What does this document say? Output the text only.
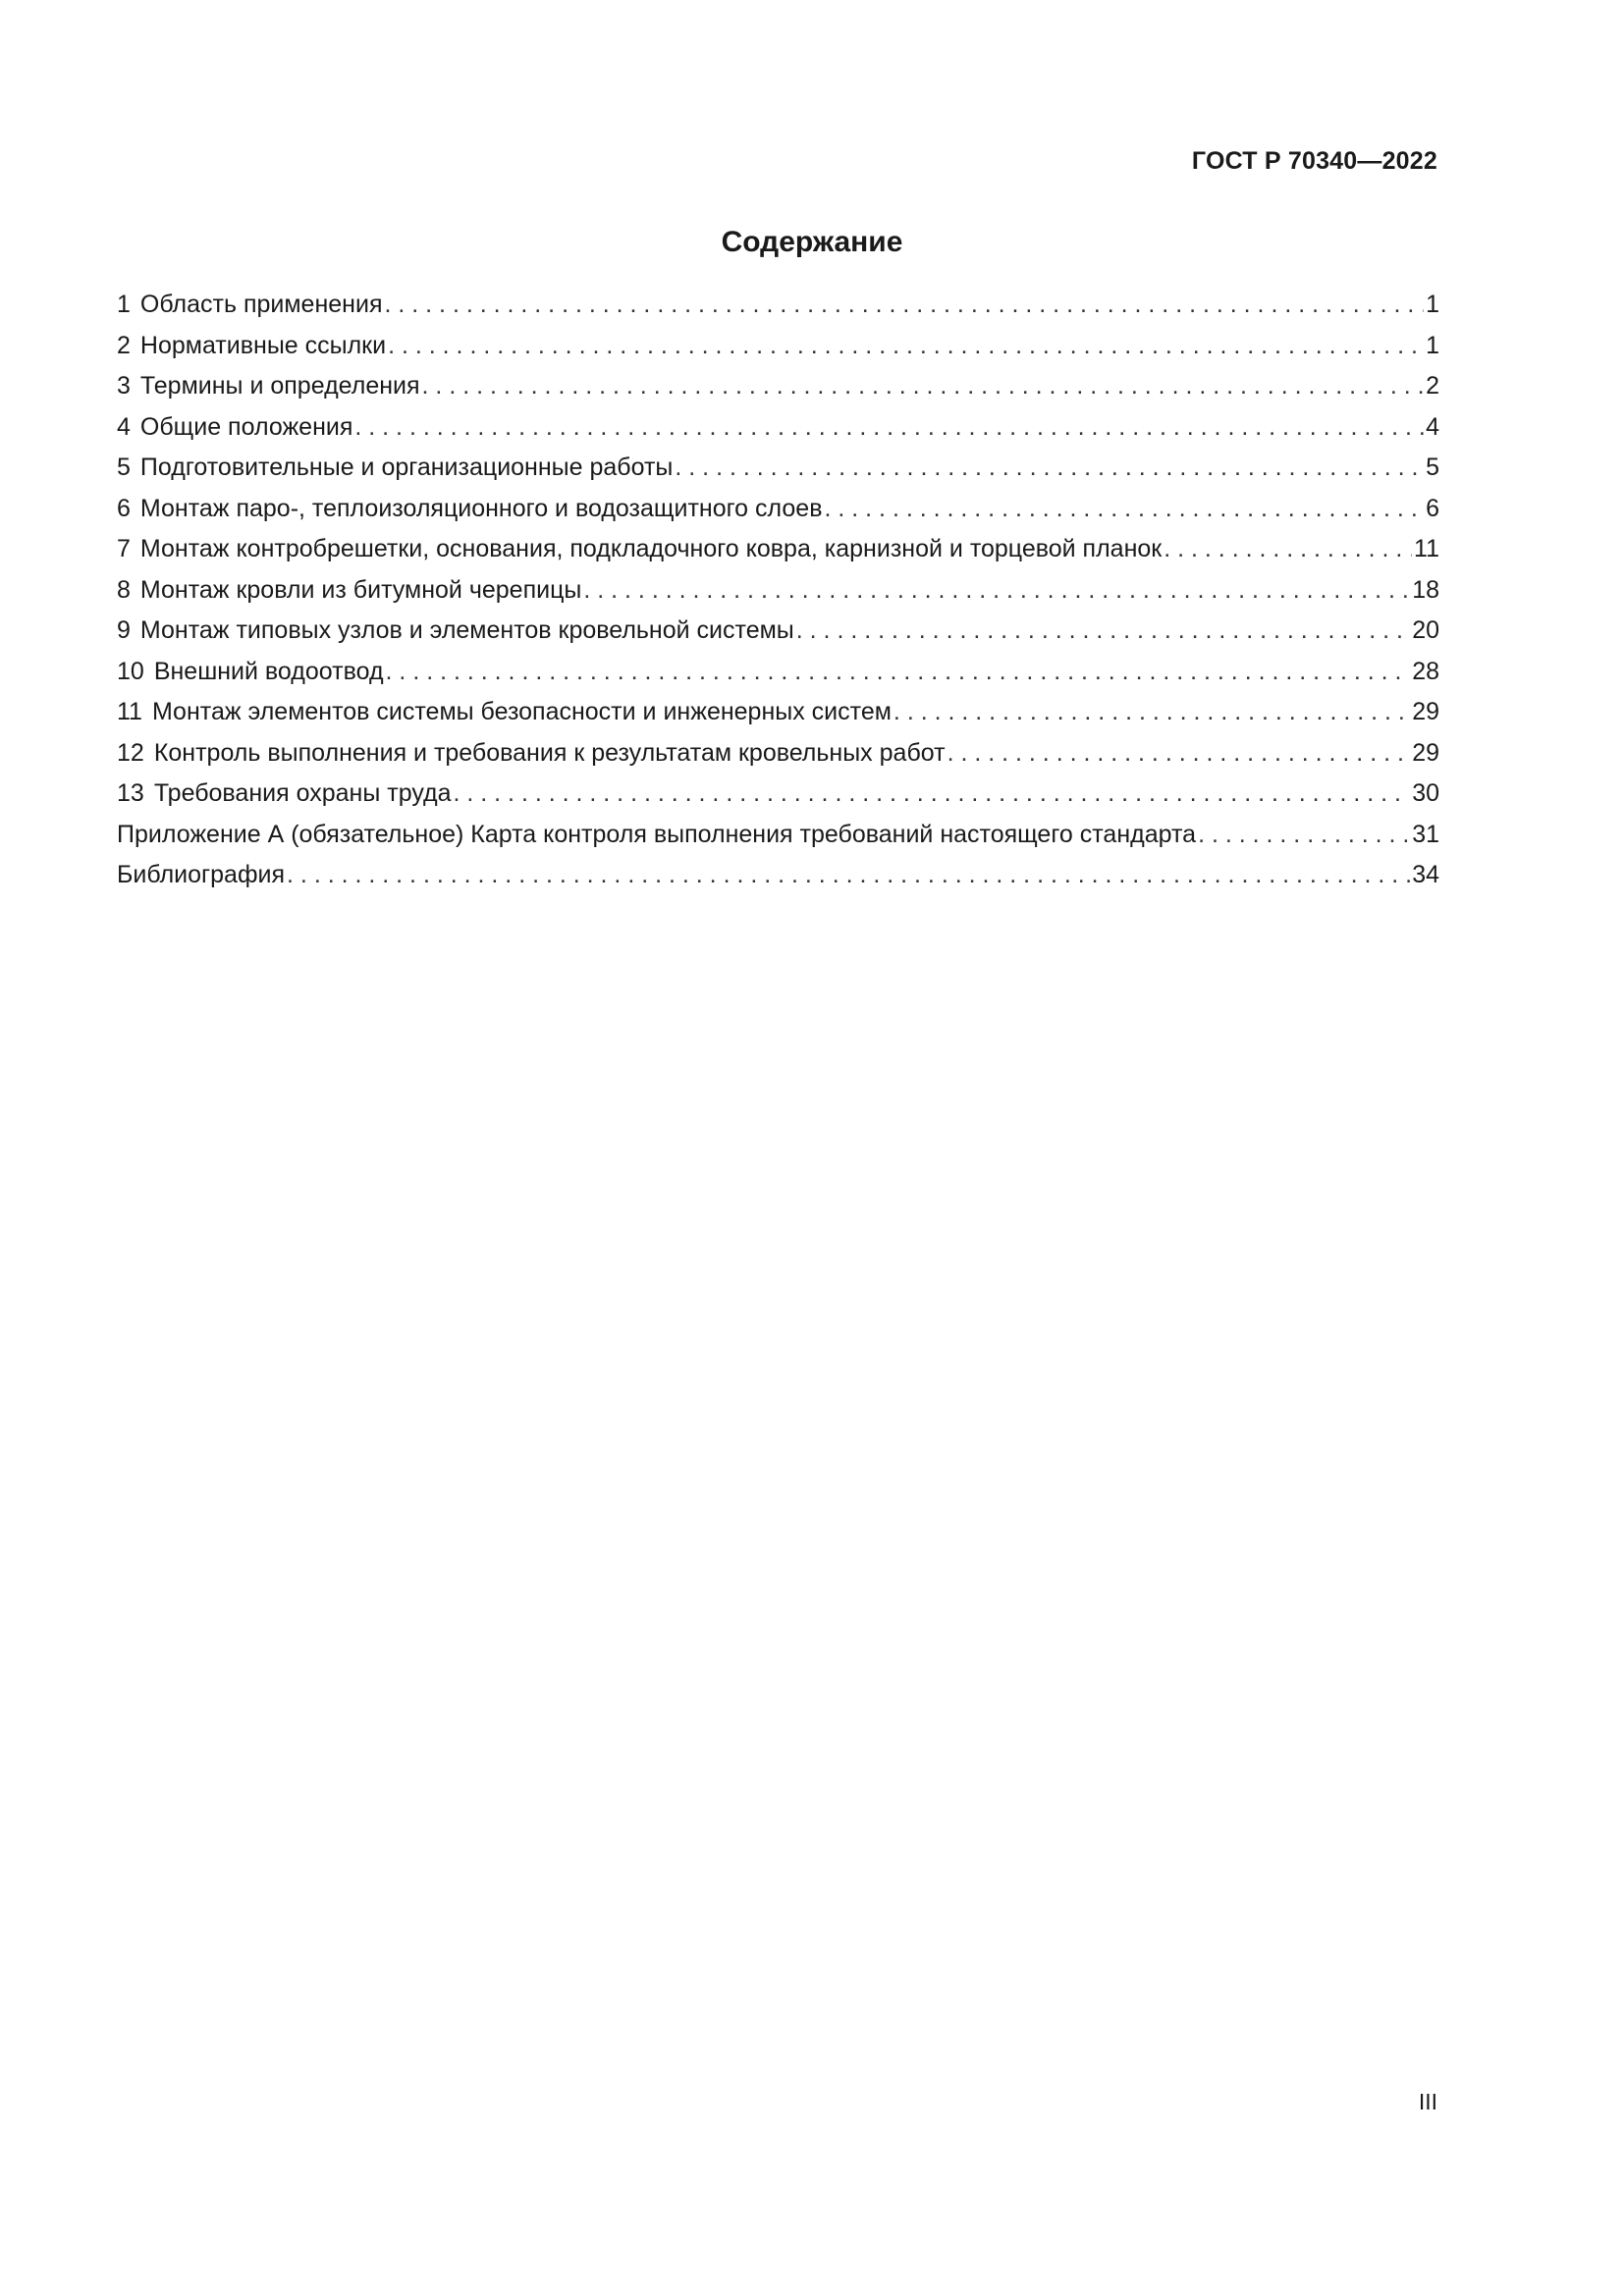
ГОСТ Р 70340—2022
Содержание
1 Область применения . . .	1
2 Нормативные ссылки . . .	1
3 Термины и определения . . .	2
4 Общие положения . . .	4
5 Подготовительные и организационные работы . . .	5
6 Монтаж паро-, теплоизоляционного и водозащитного слоев . . .	6
7 Монтаж контробрешетки, основания, подкладочного ковра, карнизной и торцевой планок . . .	11
8 Монтаж кровли из битумной черепицы . . .	18
9 Монтаж типовых узлов и элементов кровельной системы . . .	20
10 Внешний водоотвод . . .	28
11 Монтаж элементов системы безопасности и инженерных систем . . .	29
12 Контроль выполнения и требования к результатам кровельных работ . . .	29
13 Требования охраны труда . . .	30
Приложение А (обязательное) Карта контроля выполнения требований настоящего стандарта . . .	31
Библиография . . .	34
III
